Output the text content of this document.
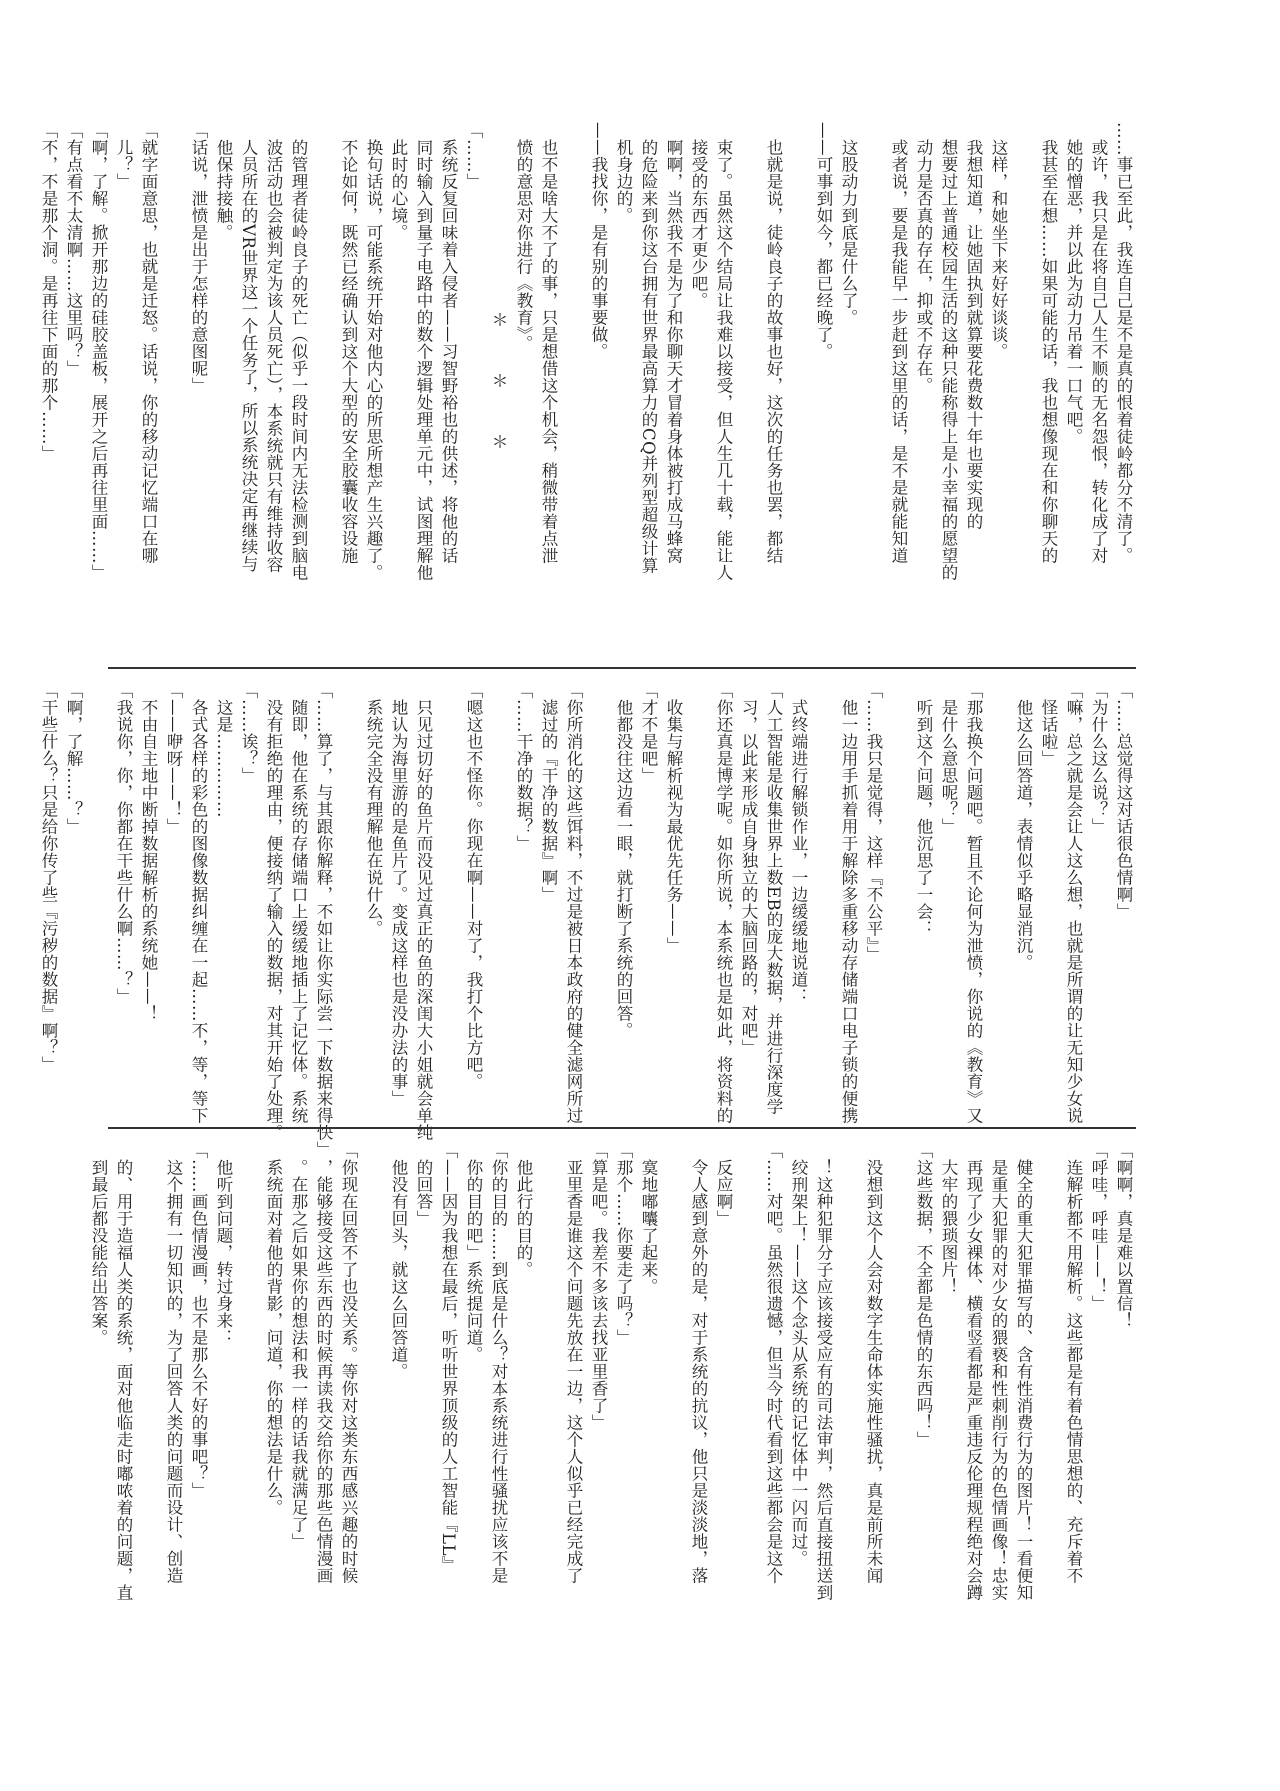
……事已至此，我连自己是不是真的恨着徒岭都分不清了。

或许，我只是在将自己人生不顺的无名怨恨，转化成了对

她的憎恶，并以此为动力吊着一口气吧。

我甚至在想……如果可能的话，我也想像现在和你聊天的

这样，和她坐下来好好谈谈。

我想知道，让她固执到就算要花费数十年也要实现的

想要过上普通校园生活的这种只能称得上是小幸福的愿望的

动力是否真的存在，抑或不存在。

或者说，要是我能早一步赶到这里的话，是不是就能知道

这股动力到底是什么了。

——可事到如今，都已经晚了。

也就是说，徒岭良子的故事也好，这次的任务也罢，都结

束了。虽然这个结局让我难以接受，但人生几十载，能让人

接受的东西才更少吧。

啊啊，当然我不是为了和你聊天才冒着身体被打成马蜂窝

的危险来到你这台拥有世界最高算力的CQ并列型超级计算

机身边的。

——我找你，是有别的事要做。

也不是啥大不了的事，只是想借这个机会，稍微带着点泄

愤的意思对你进行《教育》。

＊　＊　＊

「……」

系统反复回味着入侵者——习智野裕也的供述，将他的话

同时输入到量子电路中的数个逻辑处理单元中，试图理解他

此时的心境。

换句话说，可能系统开始对他内心的所思所想产生兴趣了。

不论如何，既然已经确认到这个大型的安全胶囊收容设施

的管理者徒岭良子的死亡（似乎一段时间内无法检测到脑电

波活动也会被判定为该人员死亡），本系统就只有维持收容

人员所在的VR世界这一个任务了，所以系统决定再继续与

他保持接触。

「话说，泄愤是出于怎样的意图呢」

「就字面意思，也就是迁怒。话说，你的移动记忆端口在哪

儿？」

「啊，了解。掀开那边的硅胶盖板，展开之后再往里面……」

「有点看不太清啊……这里吗？」

「不，不是那个洞。是再往下面的那个……」

「……总觉得这对话很色情啊」

「为什么这么说？」

「嘛，总之就是会让人这么想，也就是所谓的让无知少女说

怪话啦」

他这么回答道，表情似乎略显消沉。

「那我换个问题吧。暂且不论何为泄愤，你说的《教育》又

是什么意思呢？」

听到这个问题，他沉思了一会：

「……我只是觉得，这样『不公平』」

他一边用手抓着用于解除多重移动存储端口电子锁的便携

式终端进行解锁作业，一边缓缓地说道：

「人工智能是收集世界上数EB的庞大数据，并进行深度学

习，以此来形成自身独立的大脑回路的，对吧」

「你还真是博学呢。如你所说，本系统也是如此，将资料的

收集与解析视为最优先任务——」

「才不是吧」

他都没往这边看一眼，就打断了系统的回答。

「你所消化的这些饵料，不过是被日本政府的健全滤网所过

滤过的『干净的数据』啊」

「……干净的数据？」

「嗯这也不怪你。你现在啊——对了，我打个比方吧。

只见过切好的鱼片而没见过真正的鱼的深闺大小姐就会单纯

地认为海里游的是鱼片了。变成这样也是没办法的事」

系统完全没有理解他在说什么。

「……算了，与其跟你解释，不如让你实际尝一下数据来得快」

随即，他在系统的存储端口上缓缓地插上了记忆体。系统

没有拒绝的理由，便接纳了输入的数据，对其开始了处理。

「……诶？」

这是……………

各式各样的彩色的图像数据纠缠在一起……不，等，等下

「——咿呀——！」

不由自主地中断掉数据解析的系统她——！

「我说你，你，你都在干些什么啊……？」

「啊，了解……？」

「干些什么？只是给你传了些『污秽的数据』啊？」

「啊啊，真是难以置信！

「呼哇，呼哇——！」

连解析都不用解析。这些都是有着色情思想的、充斥着不

健全的重大犯罪描写的、含有性消费行为的图片！一看便知

是重大犯罪的对少女的猥亵和性刺削行为的色情画像！忠实

再现了少女裸体、横看竖看都是严重违反伦理规程绝对会蹲

大牢的猥琐图片！

「这些数据，不全都是色情的东西吗！」

没想到这个人会对数字生命体实施性骚扰，真是前所未闻

！这种犯罪分子应该接受应有的司法审判，然后直接扭送到

绞刑架上！——这个念头从系统的记忆体中一闪而过。

「……对吧。虽然很遗憾，但当今时代看到这些都会是这个

反应啊」

令人感到意外的是，对于系统的抗议，他只是淡淡地，落

寞地嘟囔了起来。

「那个……你要走了吗？」

「算是吧。我差不多该去找亚里香了」

亚里香是谁这个问题先放在一边，这个人似乎已经完成了

他此行的目的。

「你的目的……到底是什么？对本系统进行性骚扰应该不是

你的目的吧」系统提问道。

「——因为我想在最后，听听世界顶级的人工智能『LL』

的回答」

他没有回头，就这么回答道。

「你现在回答不了也没关系。等你对这类东西感兴趣的时候

，能够接受这些东西的时候再读我交给你的那些色情漫画

。在那之后如果你的想法和我一样的话我就满足了」

系统面对着他的背影，问道，你的想法是什么。

他听到问题，转过身来：

「……画色情漫画，也不是那么不好的事吧？」

这个拥有一切知识的，为了回答人类的问题而设计、创造

的、用于造福人类的系统，面对他临走时嘟哝着的问题，直

到最后都没能给出答案。
